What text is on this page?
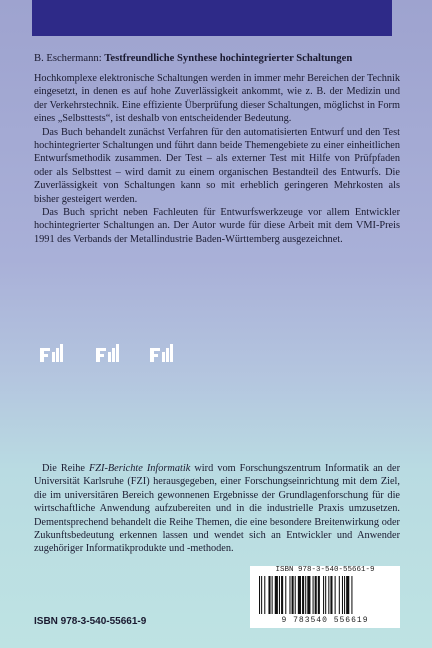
B. Eschermann: Testfreundliche Synthese hochintegrierter Schaltungen

Hochkomplexe elektronische Schaltungen werden in immer mehr Bereichen der Technik eingesetzt, in denen es auf hohe Zuverlässigkeit ankommt, wie z. B. der Medizin und der Verkehrstechnik. Eine effiziente Überprüfung dieser Schaltungen, möglichst in Form eines „Selbsttests“, ist deshalb von entscheidender Bedeutung.

Das Buch behandelt zunächst Verfahren für den automatisierten Entwurf und den Test hochintegrierter Schaltungen und führt dann beide Themengebiete zu einer einheitlichen Entwurfsmethodik zusammen. Der Test – als externer Test mit Hilfe von Prüfpfaden oder als Selbsttest – wird damit zu einem organischen Bestandteil des Entwurfs. Die Zuverlässigkeit von Schaltungen kann so mit erheblich geringeren Mehrkosten als bisher gesteigert werden.

Das Buch spricht neben Fachleuten für Entwurfswerkzeuge vor allem Entwickler hochintegrierter Schaltungen an. Der Autor wurde für diese Arbeit mit dem VMI-Preis 1991 des Verbands der Metallindustrie Baden-Württemberg ausgezeichnet.

Die Reihe FZI-Berichte Informatik wird vom Forschungszentrum Informatik an der Universität Karlsruhe (FZI) herausgegeben, einer Forschungseinrichtung mit dem Ziel, die im universitären Bereich gewonnenen Ergebnisse der Grundlagenforschung für die wirtschaftliche Anwendung aufzubereiten und in die industrielle Praxis umzusetzen. Dementsprechend behandelt die Reihe Themen, die eine besondere Breitenwirkung oder Zukunftsbedeutung erkennen lassen und wendet sich an Entwickler und Anwender zugehöriger Informatikprodukte und -methoden.

ISBN 978-3-540-55661-9
9 783540 556619
ISBN 978-3-540-55661-9
